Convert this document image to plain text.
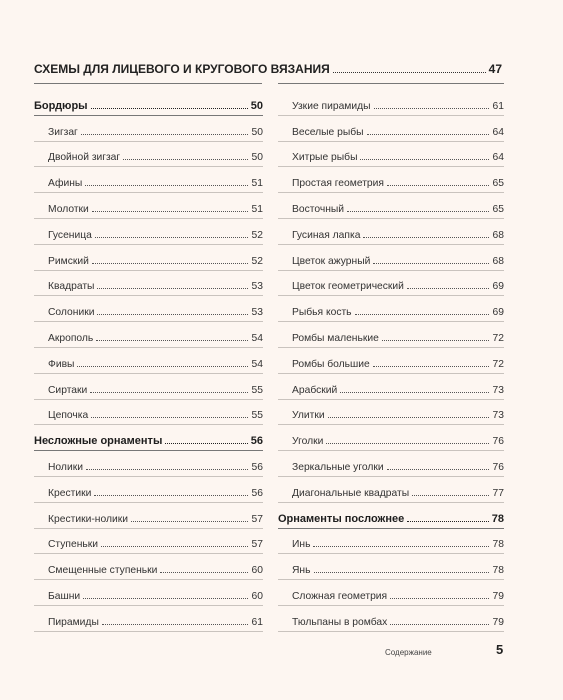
СХЕМЫ ДЛЯ ЛИЦЕВОГО И КРУГОВОГО ВЯЗАНИЯ	47
Бордюры	50
Зигзаг	50
Двойной зигзаг	50
Афины	51
Молотки	51
Гусеница	52
Римский	52
Квадраты	53
Солоники	53
Акрополь	54
Фивы	54
Сиртаки	55
Цепочка	55
Несложные орнаменты	56
Нолики	56
Крестики	56
Крестики-нолики	57
Ступеньки	57
Смещенные ступеньки	60
Башни	60
Пирамиды	61
Узкие пирамиды	61
Веселые рыбы	64
Хитрые рыбы	64
Простая геометрия	65
Восточный	65
Гусиная лапка	68
Цветок ажурный	68
Цветок геометрический	69
Рыбья кость	69
Ромбы маленькие	72
Ромбы большие	72
Арабский	73
Улитки	73
Уголки	76
Зеркальные уголки	76
Диагональные квадраты	77
Орнаменты посложнее	78
Инь	78
Янь	78
Сложная геометрия	79
Тюльпаны в ромбах	79
Содержание	5
